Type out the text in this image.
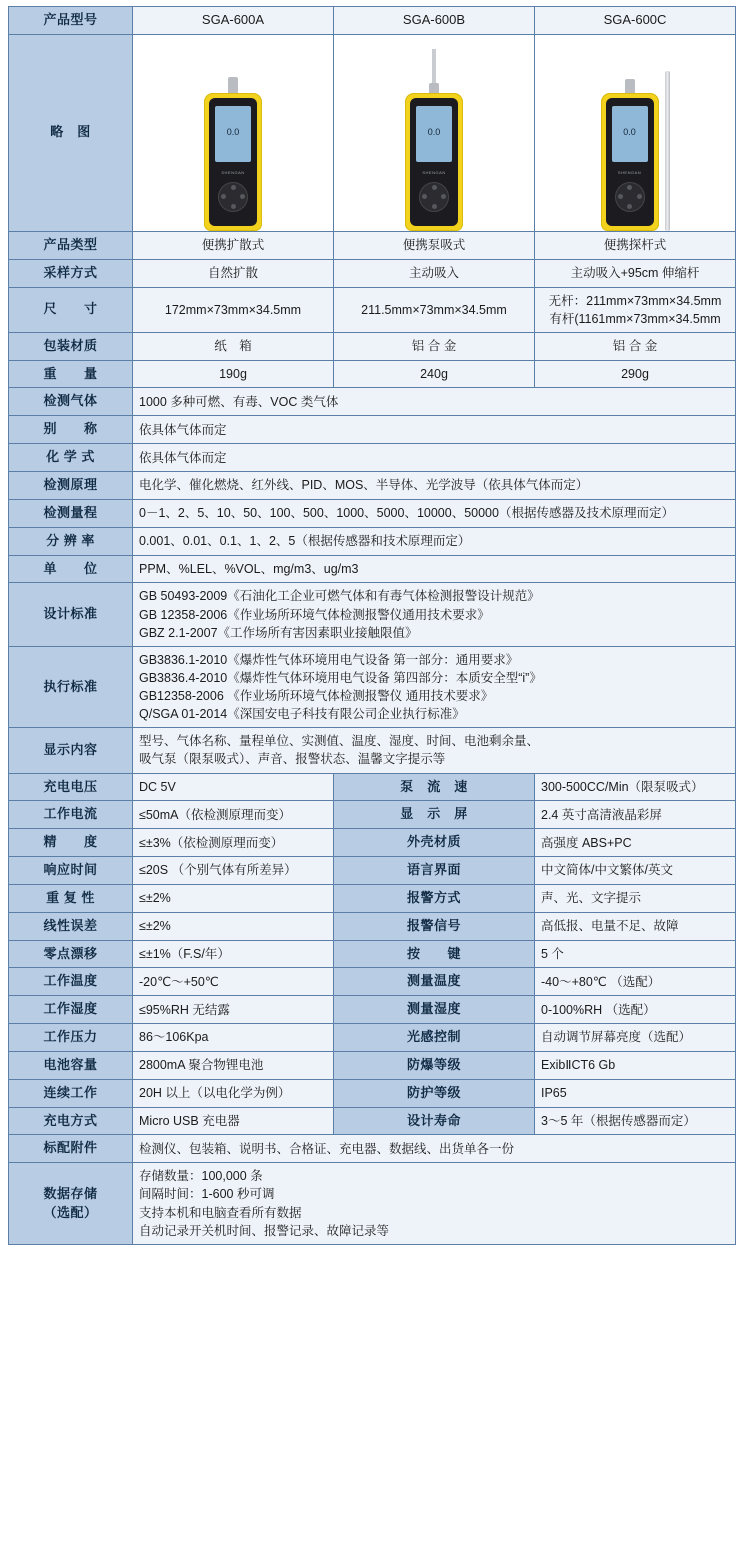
产品型号	SGA-600A	SGA-600B	SGA-600C
略　图	0.0
SHENGAN

0.0
SHENGAN

0.0
SHENGAN

产品类型	便携扩散式	便携泵吸式	便携探杆式
采样方式	自然扩散	主动吸入	主动吸入+95cm 伸缩杆
尺　　寸	172mm×73mm×34.5mm	211.5mm×73mm×34.5mm	无杆：211mm×73mm×34.5mm
有杆(1161mm×73mm×34.5mm
包装材质	纸　箱	铝 合 金	铝 合 金
重　　量	190g	240g	290g
检测气体	1000 多种可燃、有毒、VOC 类气体		
别　　称	依具体气体而定		
化 学 式	依具体气体而定		
检测原理	电化学、催化燃烧、红外线、PID、MOS、半导体、光学波导（依具体气体而定）		
检测量程	0－1、2、5、10、50、100、500、1000、5000、10000、50000（根据传感器及技术原理而定）		
分 辨 率	0.001、0.01、0.1、1、2、5（根据传感器和技术原理而定）		
单　　位	PPM、%LEL、%VOL、mg/m3、ug/m3		
设计标准	GB 50493-2009《石油化工企业可燃气体和有毒气体检测报警设计规范》
GB 12358-2006《作业场所环境气体检测报警仪通用技术要求》
GBZ 2.1-2007《工作场所有害因素职业接触限值》		
执行标准	GB3836.1-2010《爆炸性气体环境用电气设备 第一部分：通用要求》
GB3836.4-2010《爆炸性气体环境用电气设备 第四部分：本质安全型“i”》
GB12358-2006 《作业场所环境气体检测报警仪 通用技术要求》
Q/SGA 01-2014《深国安电子科技有限公司企业执行标准》		
显示内容	型号、气体名称、量程单位、实测值、温度、湿度、时间、电池剩余量、
吸气泵（限泵吸式）、声音、报警状态、温馨文字提示等		
充电电压	DC 5V	泵　流　速	300-500CC/Min（限泵吸式）
工作电流	≤50mA（依检测原理而变）	显　示　屏	2.4 英寸高清液晶彩屏
精　　度	≤±3%（依检测原理而变）	外壳材质	高强度 ABS+PC
响应时间	≤20S （个别气体有所差异）	语言界面	中文简体/中文繁体/英文
重 复 性	≤±2%	报警方式	声、光、文字提示
线性误差	≤±2%	报警信号	高低报、电量不足、故障
零点漂移	≤±1%（F.S/年）	按　　键	5 个
工作温度	-20℃～+50℃	测量温度	-40～+80℃ （选配）
工作湿度	≤95%RH 无结露	测量湿度	0-100%RH （选配）
工作压力	86～106Kpa	光感控制	自动调节屏幕亮度（选配）
电池容量	2800mA 聚合物锂电池	防爆等级	ExibⅡCT6 Gb
连续工作	20H 以上（以电化学为例）	防护等级	IP65
充电方式	Micro USB 充电器	设计寿命	3～5 年（根据传感器而定）
标配附件	检测仪、包装箱、说明书、合格证、充电器、数据线、出货单各一份		
数据存储
（选配）	存储数量：100,000 条
间隔时间：1-600 秒可调
支持本机和电脑查看所有数据
自动记录开关机时间、报警记录、故障记录等		
